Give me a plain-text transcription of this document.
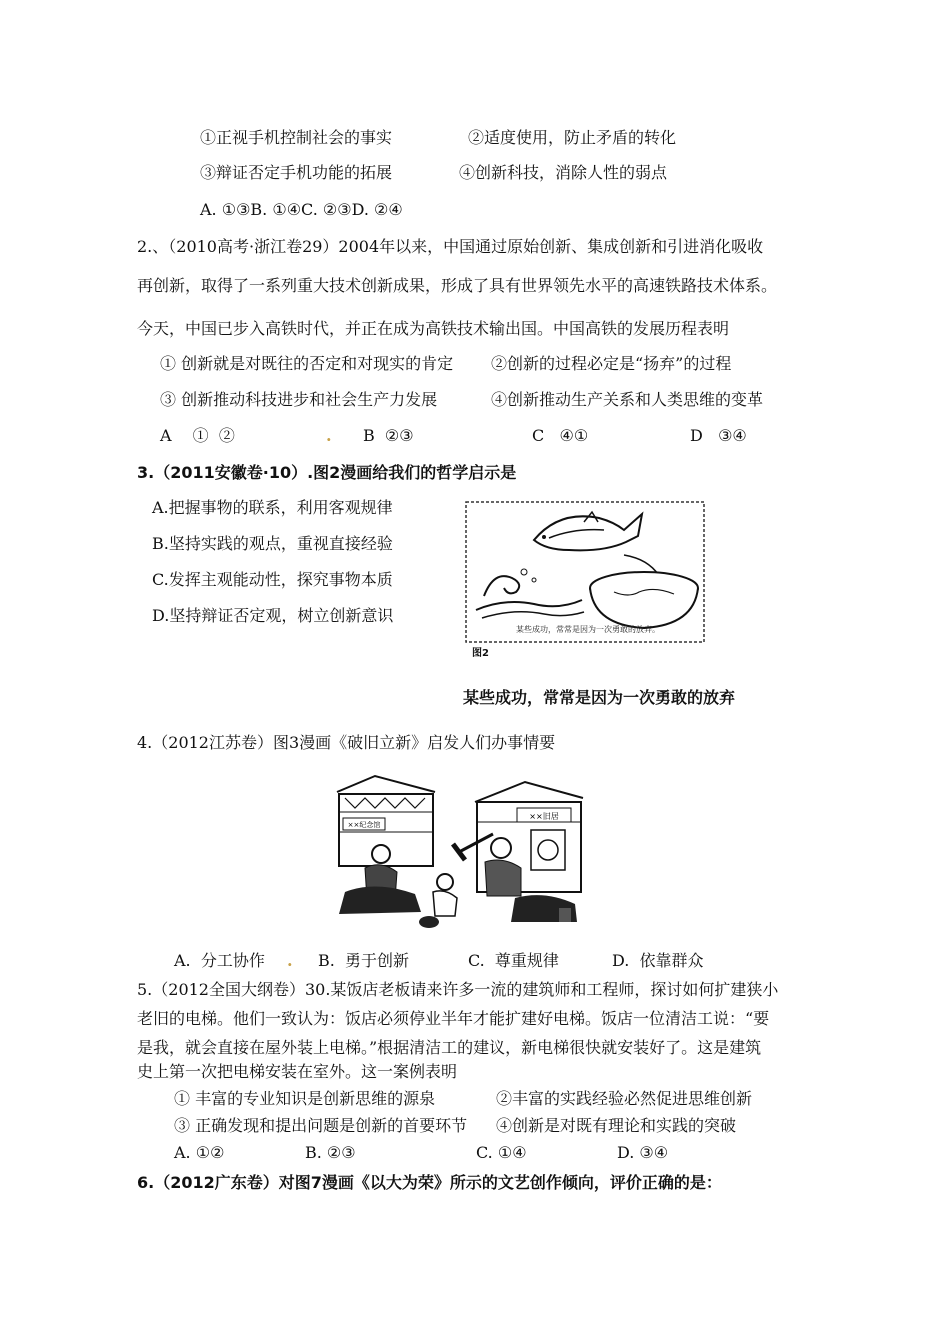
①正视手机控制社会的事实	②适度使用，防止矛盾的转化
③辩证否定手机功能的拓展	④创新科技，消除人性的弱点
A. ①③B. ①④C. ②③D. ②④
2.、（2010高考·浙江卷29）2004年以来，中国通过原始创新、集成创新和引进消化吸收
再创新，取得了一系列重大技术创新成果，形成了具有世界领先水平的高速铁路技术体系。
今天，中国已步入高铁时代，并正在成为高铁技术输出国。中国高铁的发展历程表明
① 创新就是对既往的否定和对现实的肯定 ②创新的过程必定是“扬弃”的过程
③ 创新推动科技进步和社会生产力发展	④创新推动生产关系和人类思维的变革
A　 ①  ②	. B  ②③	C   ④①	D   ③④
3.（2011安徽卷·10）.图2漫画给我们的哲学启示是
A.把握事物的联系，利用客观规律
B.坚持实践的观点，重视直接经验
C.发挥主观能动性，探究事物本质
D.坚持辩证否定观，树立创新意识
某些成功，常常是因为一次勇敢的放弃。
图2
某些成功，常常是因为一次勇敢的放弃
4.（2012江苏卷）图3漫画《破旧立新》启发人们办事情要
××纪念馆
××旧居
A.  分工协作 . B.  勇于创新	C.  尊重规律	D.  依靠群众
5.（2012全国大纲卷）30.某饭店老板请来许多一流的建筑师和工程师，探讨如何扩建狭小
老旧的电梯。他们一致认为：饭店必须停业半年才能扩建好电梯。饭店一位清洁工说：“要
是我，就会直接在屋外装上电梯。”根据清洁工的建议，新电梯很快就安装好了。这是建筑
史上第一次把电梯安装在室外。这一案例表明
① 丰富的专业知识是创新思维的源泉	②丰富的实践经验必然促进思维创新
③ 正确发现和提出问题是创新的首要环节 ④创新是对既有理论和实践的突破
A. ①②	B. ②③	C. ①④	D. ③④
6.（2012广东卷）对图7漫画《以大为荣》所示的文艺创作倾向，评价正确的是：
